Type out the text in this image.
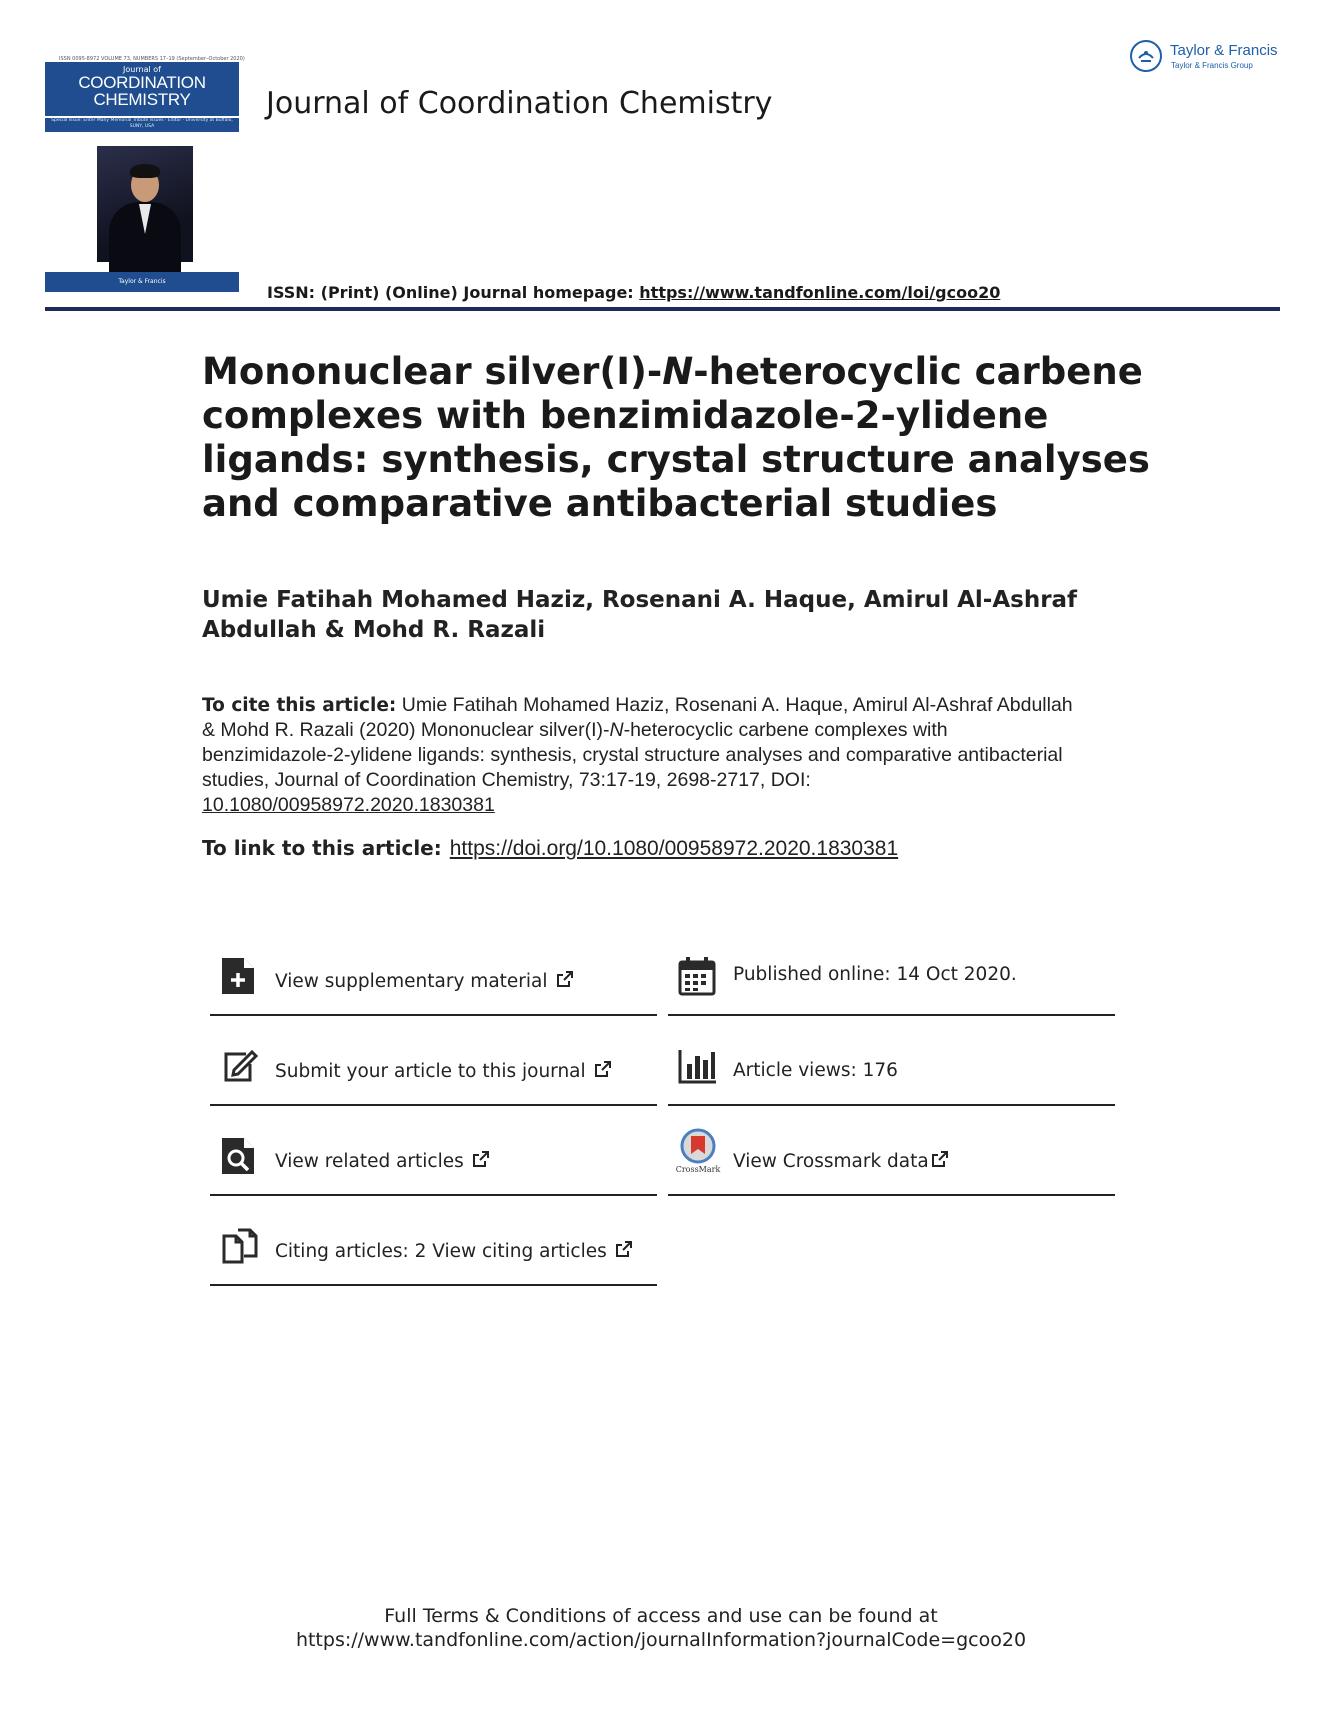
ISSN 0095-8972 VOLUME 73, NUMBERS 17–19 (September–October 2020)
Journal of
COORDINATION
CHEMISTRY
Special Issue: Enter Many Memorial Tribute Issues · Editor · University at Buffalo, SUNY, USA
Taylor & Francis
Journal of Coordination Chemistry
ISSN: (Print) (Online) Journal homepage: https://www.tandfonline.com/loi/gcoo20
Taylor & Francis
Taylor & Francis Group
Mononuclear silver(I)-N-heterocyclic carbene complexes with benzimidazole-2-ylidene ligands: synthesis, crystal structure analyses and comparative antibacterial studies
Umie Fatihah Mohamed Haziz, Rosenani A. Haque, Amirul Al-Ashraf Abdullah & Mohd R. Razali
To cite this article: Umie Fatihah Mohamed Haziz, Rosenani A. Haque, Amirul Al-Ashraf Abdullah & Mohd R. Razali (2020) Mononuclear silver(I)-N-heterocyclic carbene complexes with benzimidazole-2-ylidene ligands: synthesis, crystal structure analyses and comparative antibacterial studies, Journal of Coordination Chemistry, 73:17-19, 2698-2717, DOI: 10.1080/00958972.2020.1830381
To link to this article: https://doi.org/10.1080/00958972.2020.1830381
View supplementary material	Published online: 14 Oct 2020.
Submit your article to this journal	Article views: 176
View related articles	CrossMark View Crossmark data
Citing articles: 2 View citing articles
Full Terms & Conditions of access and use can be found at
https://www.tandfonline.com/action/journalInformation?journalCode=gcoo20
